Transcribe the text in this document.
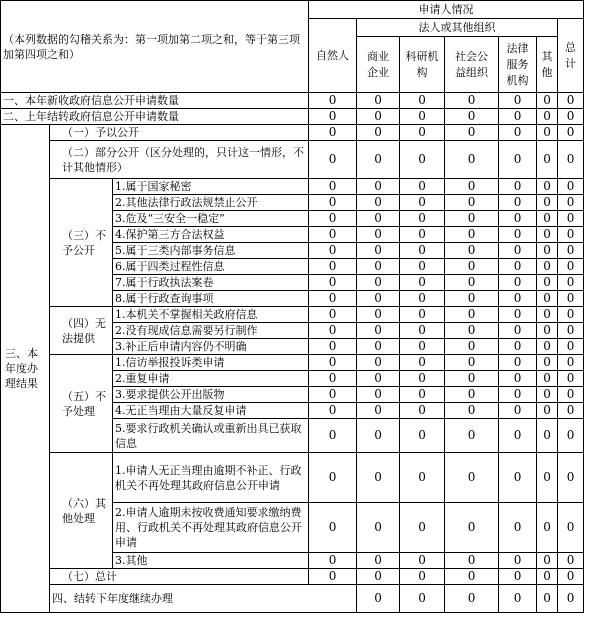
（本列数据的勾稽关系为：第一项加第二项之和，等于第三项加第四项之和）			申请人情况								
			自然人	法人或其他组织					总计		
				商业企业	科研机构	社会公益组织	法律服务机构	其他			
一、本年新收政府信息公开申请数量			0	0	0	0	0	0	0		
二、上年结转政府信息公开申请数量			0	0	0	0	0	0	0		
三、本年度办理结果	（一）予以公开		0	0	0	0	0	0	0		
	（二）部分公开（区分处理的，只计这一情形，不计其他情形）		0	0	0	0	0	0	0		
	（三）不予公开	1.属于国家秘密	0	0	0	0	0	0	0		
		2.其他法律行政法规禁止公开	0	0	0	0	0	0	0		
		3.危及“三安全一稳定”	0	0	0	0	0	0	0		
		4.保护第三方合法权益	0	0	0	0	0	0	0		
		5.属于三类内部事务信息	0	0	0	0	0	0	0		
		6.属于四类过程性信息	0	0	0	0	0	0	0		
		7.属于行政执法案卷	0	0	0	0	0	0	0		
		8.属于行政查询事项	0	0	0	0	0	0	0		
	（四）无法提供	1.本机关不掌握相关政府信息	0	0	0	0	0	0	0		
		2.没有现成信息需要另行制作	0	0	0	0	0	0	0		
		3.补正后申请内容仍不明确	0	0	0	0	0	0	0		
	（五）不予处理	1.信访举报投诉类申请	0	0	0	0	0	0	0		
		2.重复申请	0	0	0	0	0	0	0		
		3.要求提供公开出版物	0	0	0	0	0	0	0		
		4.无正当理由大量反复申请	0	0	0	0	0	0	0		
		5.要求行政机关确认或重新出具已获取信息	0	0	0	0	0	0	0		
	（六）其他处理	1.申请人无正当理由逾期不补正、行政机关不再处理其政府信息公开申请	0	0	0	0	0	0	0		
		2.申请人逾期未按收费通知要求缴纳费用、行政机关不再处理其政府信息公开申请	0	0	0	0	0	0	0		
		3.其他	0	0	0	0	0	0	0		
	（七）总计		0	0	0	0	0	0	0		
	四、结转下年度继续办理			0	0	0	0	0	0	
